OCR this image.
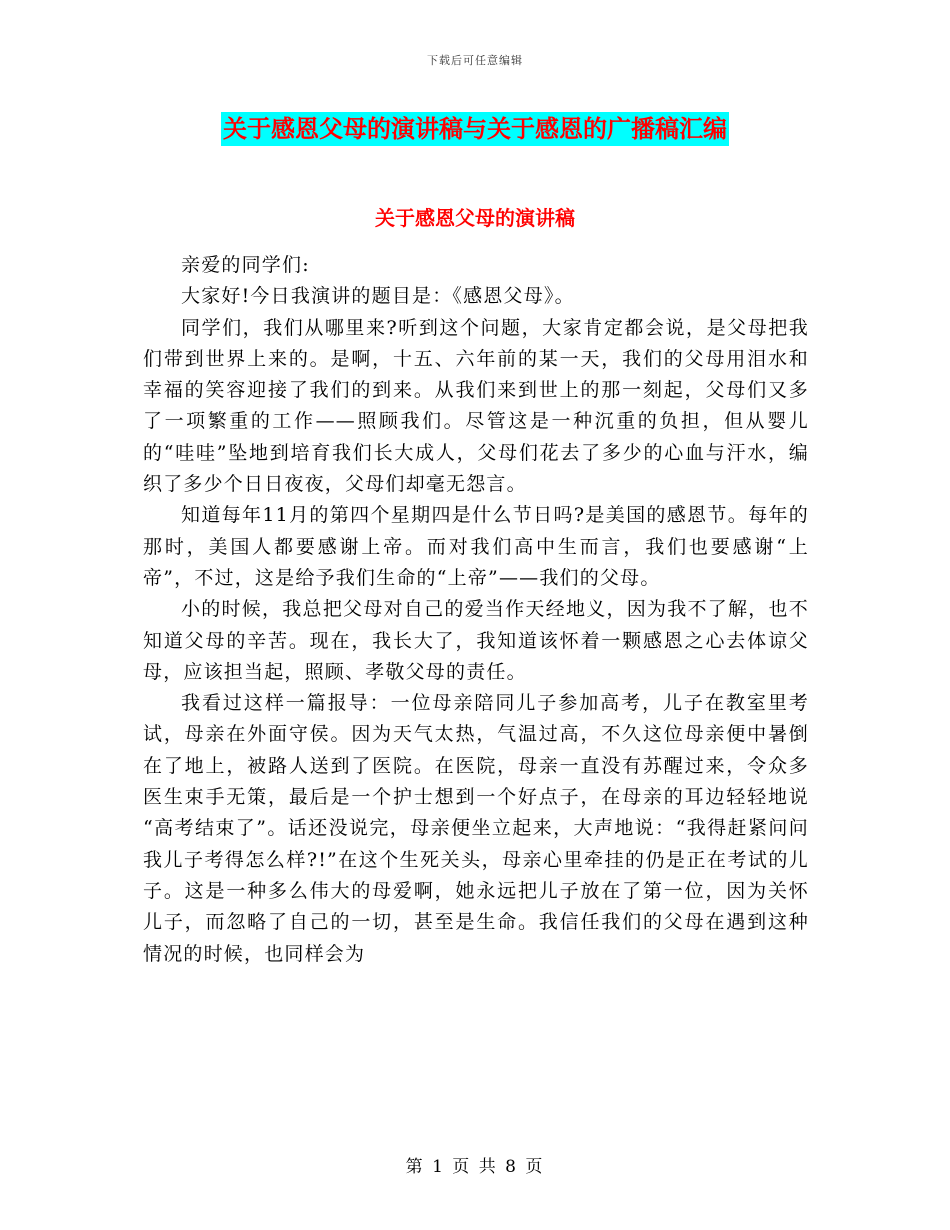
下载后可任意编辑
关于感恩父母的演讲稿与关于感恩的广播稿汇编
关于感恩父母的演讲稿

亲爱的同学们:

大家好!今日我演讲的题目是：《感恩父母》。

同学们，我们从哪里来?听到这个问题，大家肯定都会说，是父母把我们带到世界上来的。是啊，十五、六年前的某一天，我们的父母用泪水和幸福的笑容迎接了我们的到来。从我们来到世上的那一刻起，父母们又多了一项繁重的工作——照顾我们。尽管这是一种沉重的负担，但从婴儿的“哇哇”坠地到培育我们长大成人，父母们花去了多少的心血与汗水，编织了多少个日日夜夜，父母们却毫无怨言。

知道每年11月的第四个星期四是什么节日吗?是美国的感恩节。每年的那时，美国人都要感谢上帝。而对我们高中生而言，我们也要感谢“上帝”，不过，这是给予我们生命的“上帝”——我们的父母。

小的时候，我总把父母对自己的爱当作天经地义，因为我不了解，也不知道父母的辛苦。现在，我长大了，我知道该怀着一颗感恩之心去体谅父母，应该担当起，照顾、孝敬父母的责任。

我看过这样一篇报导：一位母亲陪同儿子参加高考，儿子在教室里考试，母亲在外面守侯。因为天气太热，气温过高，不久这位母亲便中暑倒在了地上，被路人送到了医院。在医院，母亲一直没有苏醒过来，令众多医生束手无策，最后是一个护士想到一个好点子，在母亲的耳边轻轻地说 “高考结束了”。话还没说完，母亲便坐立起来，大声地说：“我得赶紧问问我儿子考得怎么样?!”在这个生死关头，母亲心里牵挂的仍是正在考试的儿子。这是一种多么伟大的母爱啊，她永远把儿子放在了第一位，因为关怀儿子，而忽略了自己的一切，甚至是生命。我信任我们的父母在遇到这种情况的时候，也同样会为

第 1 页 共 8 页
